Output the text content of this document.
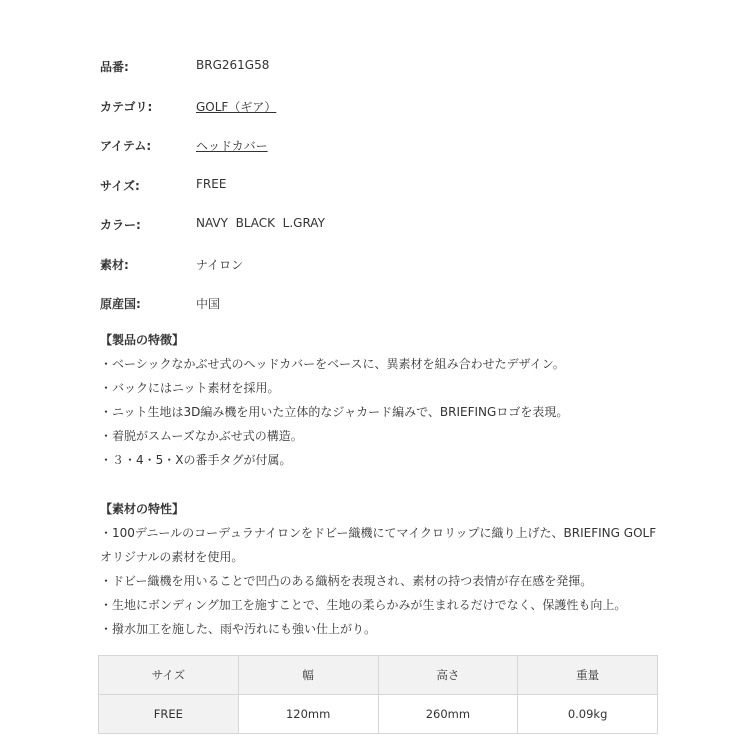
品番:	BRG261G58
カテゴリ:	GOLF（ギア）
アイテム:	ヘッドカバー
サイズ:	FREE
カラー:	NAVY  BLACK  L.GRAY
素材:	ナイロン
原産国:	中国
【製品の特徴】
・ベーシックなかぶせ式のヘッドカバーをベースに、異素材を組み合わせたデザイン。
・バックにはニット素材を採用。
・ニット生地は3D編み機を用いた立体的なジャカード編みで、BRIEFINGロゴを表現。
・着脱がスムーズなかぶせ式の構造。
・３・4・5・Xの番手タグが付属。
【素材の特性】
・100デニールのコーデュラナイロンをドビー織機にてマイクロリップに織り上げた、BRIEFING GOLF
オリジナルの素材を使用。
・ドビー織機を用いることで凹凸のある織柄を表現され、素材の持つ表情が存在感を発揮。
・生地にボンディング加工を施すことで、生地の柔らかみが生まれるだけでなく、保護性も向上。
・撥水加工を施した、雨や汚れにも強い仕上がり。
サイズ	幅	高さ	重量
FREE	120mm	260mm	0.09kg
